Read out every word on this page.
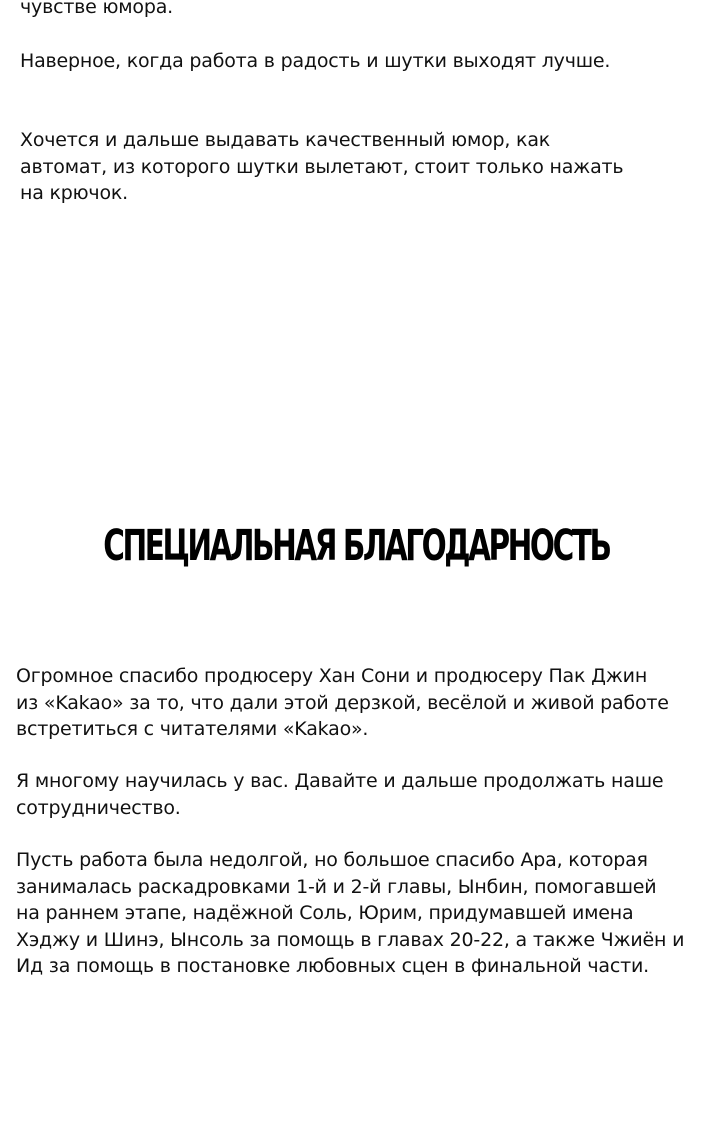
чувстве юмора.

Наверное, когда работа в радость и шутки выходят лучше.

Хочется и дальше выдавать качественный юмор, как
автомат, из которого шутки вылетают, стоит только нажать
на крючок.

СПЕЦИАЛЬНАЯ БЛАГОДАРНОСТЬ

Огромное спасибо продюсеру Хан Сони и продюсеру Пак Джин
из «Kakao» за то, что дали этой дерзкой, весёлой и живой работе
встретиться с читателями «Kakao».

Я многому научилась у вас. Давайте и дальше продолжать наше
сотрудничество.

Пусть работа была недолгой, но большое спасибо Ара, которая
занималась раскадровками 1-й и 2-й главы, Ынбин, помогавшей
на раннем этапе, надёжной Соль, Юрим, придумавшей имена
Хэджу и Шинэ, Ынсоль за помощь в главах 20-22, а также Чжиён и
Ид за помощь в постановке любовных сцен в финальной части.
